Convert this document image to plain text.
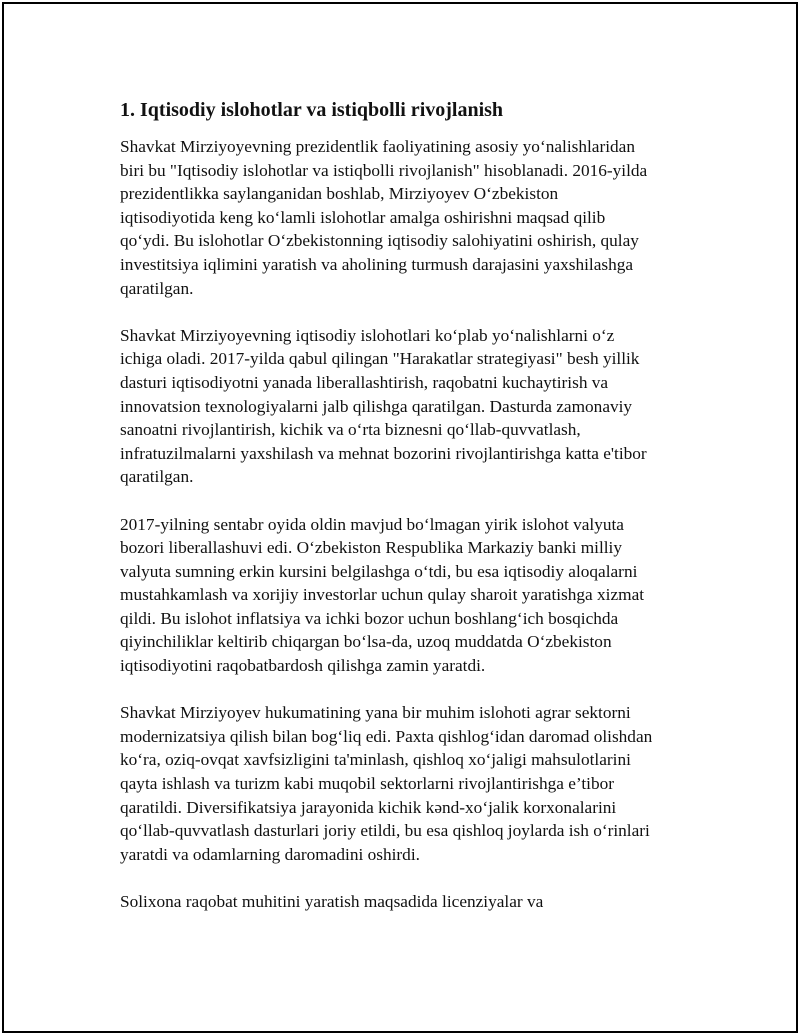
1. Iqtisodiy islohotlar va istiqbolli rivojlanish

Shavkat Mirziyoyevning prezidentlik faoliyatining asosiy yo‘nalishlaridan
biri bu "Iqtisodiy islohotlar va istiqbolli rivojlanish" hisoblanadi. 2016-yilda
prezidentlikka saylanganidan boshlab, Mirziyoyev O‘zbekiston
iqtisodiyotida keng ko‘lamli islohotlar amalga oshirishni maqsad qilib
qo‘ydi. Bu islohotlar O‘zbekistonning iqtisodiy salohiyatini oshirish, qulay
investitsiya iqlimini yaratish va aholining turmush darajasini yaxshilashga
qaratilgan.

Shavkat Mirziyoyevning iqtisodiy islohotlari ko‘plab yo‘nalishlarni o‘z
ichiga oladi. 2017-yilda qabul qilingan "Harakatlar strategiyasi" besh yillik
dasturi iqtisodiyotni yanada liberallashtirish, raqobatni kuchaytirish va
innovatsion texnologiyalarni jalb qilishga qaratilgan. Dasturda zamonaviy
sanoatni rivojlantirish, kichik va o‘rta biznesni qo‘llab-quvvatlash,
infratuzilmalarni yaxshilash va mehnat bozorini rivojlantirishga katta e'tibor
qaratilgan.

2017-yilning sentabr oyida oldin mavjud bo‘lmagan yirik islohot valyuta
bozori liberallashuvi edi. O‘zbekiston Respublika Markaziy banki milliy
valyuta sumning erkin kursini belgilashga o‘tdi, bu esa iqtisodiy aloqalarni
mustahkamlash va xorijiy investorlar uchun qulay sharoit yaratishga xizmat
qildi. Bu islohot inflatsiya va ichki bozor uchun boshlang‘ich bosqichda
qiyinchiliklar keltirib chiqargan bo‘lsa-da, uzoq muddatda O‘zbekiston
iqtisodiyotini raqobatbardosh qilishga zamin yaratdi.

Shavkat Mirziyoyev hukumatining yana bir muhim islohoti agrar sektorni
modernizatsiya qilish bilan bog‘liq edi. Paxta qishlog‘idan daromad olishdan
ko‘ra, oziq-ovqat xavfsizligini ta'minlash, qishloq xo‘jaligi mahsulotlarini
qayta ishlash va turizm kabi muqobil sektorlarni rivojlantirishga e’tibor
qaratildi. Diversifikatsiya jarayonida kichik kənd-xo‘jalik korxonalarini
qo‘llab-quvvatlash dasturlari joriy etildi, bu esa qishloq joylarda ish o‘rinlari
yaratdi va odamlarning daromadini oshirdi.

Solixona raqobat muhitini yaratish maqsadida licenziyalar va
